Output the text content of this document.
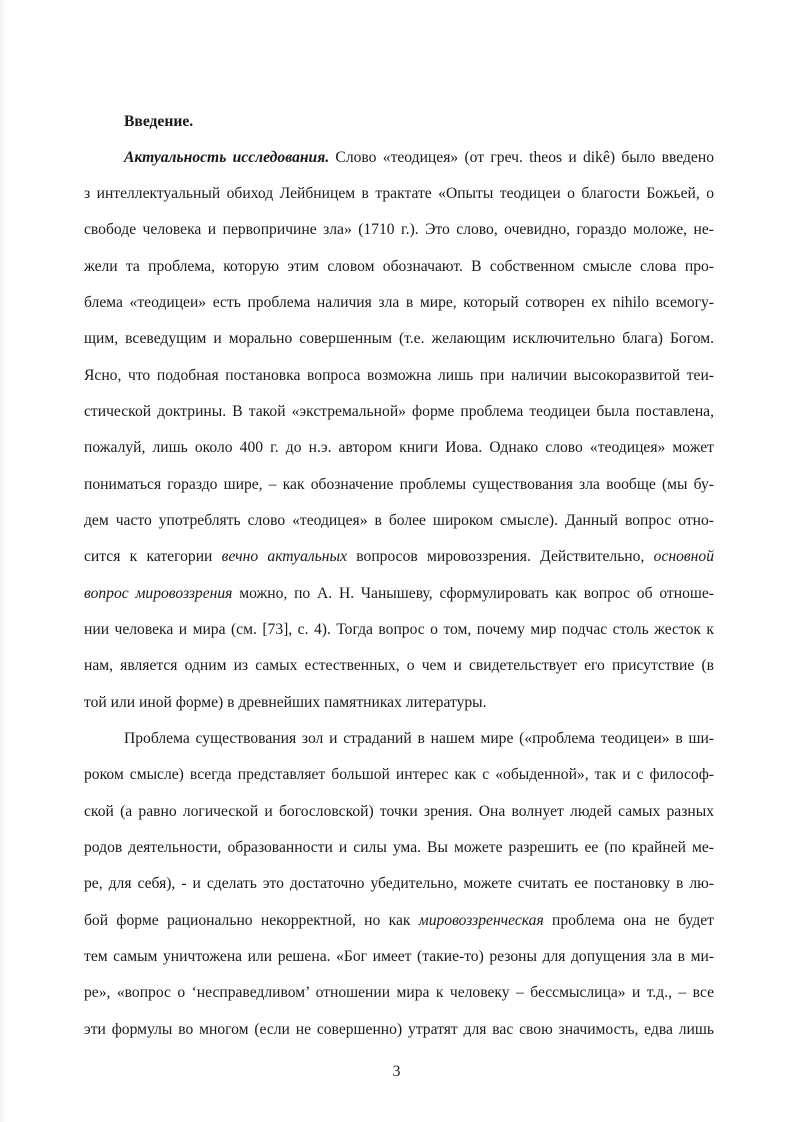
Введение.
Актуальность исследования. Слово «теодицея» (от греч. theos и dikê) было введено
з интеллектуальный обиход Лейбницем в трактате «Опыты теодицеи о благости Божьей, о
свободе человека и первопричине зла» (1710 г.). Это слово, очевидно, гораздо моложе, не-
жели та проблема, которую этим словом обозначают. В собственном смысле слова про-
блема «теодицеи» есть проблема наличия зла в мире, который сотворен ex nihilo всемогу-
щим, всеведущим и морально совершенным (т.е. желающим исключительно блага) Богом.
Ясно, что подобная постановка вопроса возможна лишь при наличии высокоразвитой теи-
стической доктрины. В такой «экстремальной» форме проблема теодицеи была поставлена,
пожалуй, лишь около 400 г. до н.э. автором книги Иова. Однако слово «теодицея» может
пониматься гораздо шире, – как обозначение проблемы существования зла вообще (мы бу-
дем часто употреблять слово «теодицея» в более широком смысле). Данный вопрос отно-
сится к категории вечно актуальных вопросов мировоззрения. Действительно, основной
вопрос мировоззрения можно, по А. Н. Чанышеву, сформулировать как вопрос об отноше-
нии человека и мира (см. [73], с. 4). Тогда вопрос о том, почему мир подчас столь жесток к
нам, является одним из самых естественных, о чем и свидетельствует его присутствие (в
той или иной форме) в древнейших памятниках литературы.
Проблема существования зол и страданий в нашем мире («проблема теодицеи» в ши-
роком смысле) всегда представляет большой интерес как с «обыденной», так и с философ-
ской (а равно логической и богословской) точки зрения. Она волнует людей самых разных
родов деятельности, образованности и силы ума. Вы можете разрешить ее (по крайней ме-
ре, для себя), - и сделать это достаточно убедительно, можете считать ее постановку в лю-
бой форме рационально некорректной, но как мировоззренческая проблема она не будет
тем самым уничтожена или решена. «Бог имеет (такие-то) резоны для допущения зла в ми-
ре», «вопрос о ‘несправедливом’ отношении мира к человеку – бессмыслица» и т.д., – все
эти формулы во многом (если не совершенно) утратят для вас свою значимость, едва лишь
3
